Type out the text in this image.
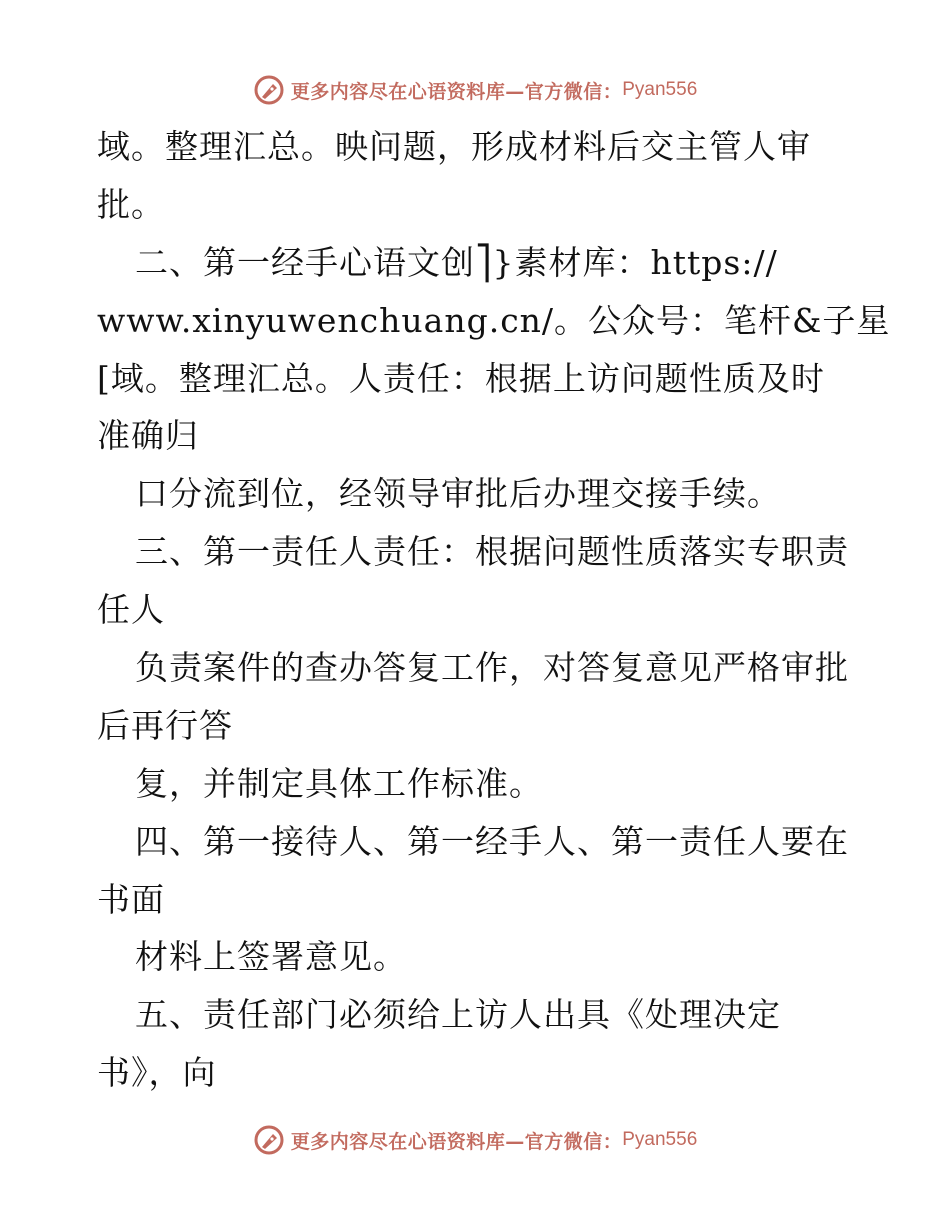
更多内容尽在心语资料库—官方微信： Pyan556
域。整理汇总。映问题，形成材料后交主管人审
批。
二、第一经手心语文创⎤}素材库：https://
www.xinyuwenchuang.cn/。公众号：笔杆&子星
[域。整理汇总。人责任：根据上访问题性质及时
准确归
口分流到位，经领导审批后办理交接手续。
三、第一责任人责任：根据问题性质落实专职责
任人
负责案件的查办答复工作，对答复意见严格审批
后再行答
复，并制定具体工作标准。
四、第一接待人、第一经手人、第一责任人要在
书面
材料上签署意见。
五、责任部门必须给上访人出具《处理决定
书》，向
更多内容尽在心语资料库—官方微信： Pyan556
